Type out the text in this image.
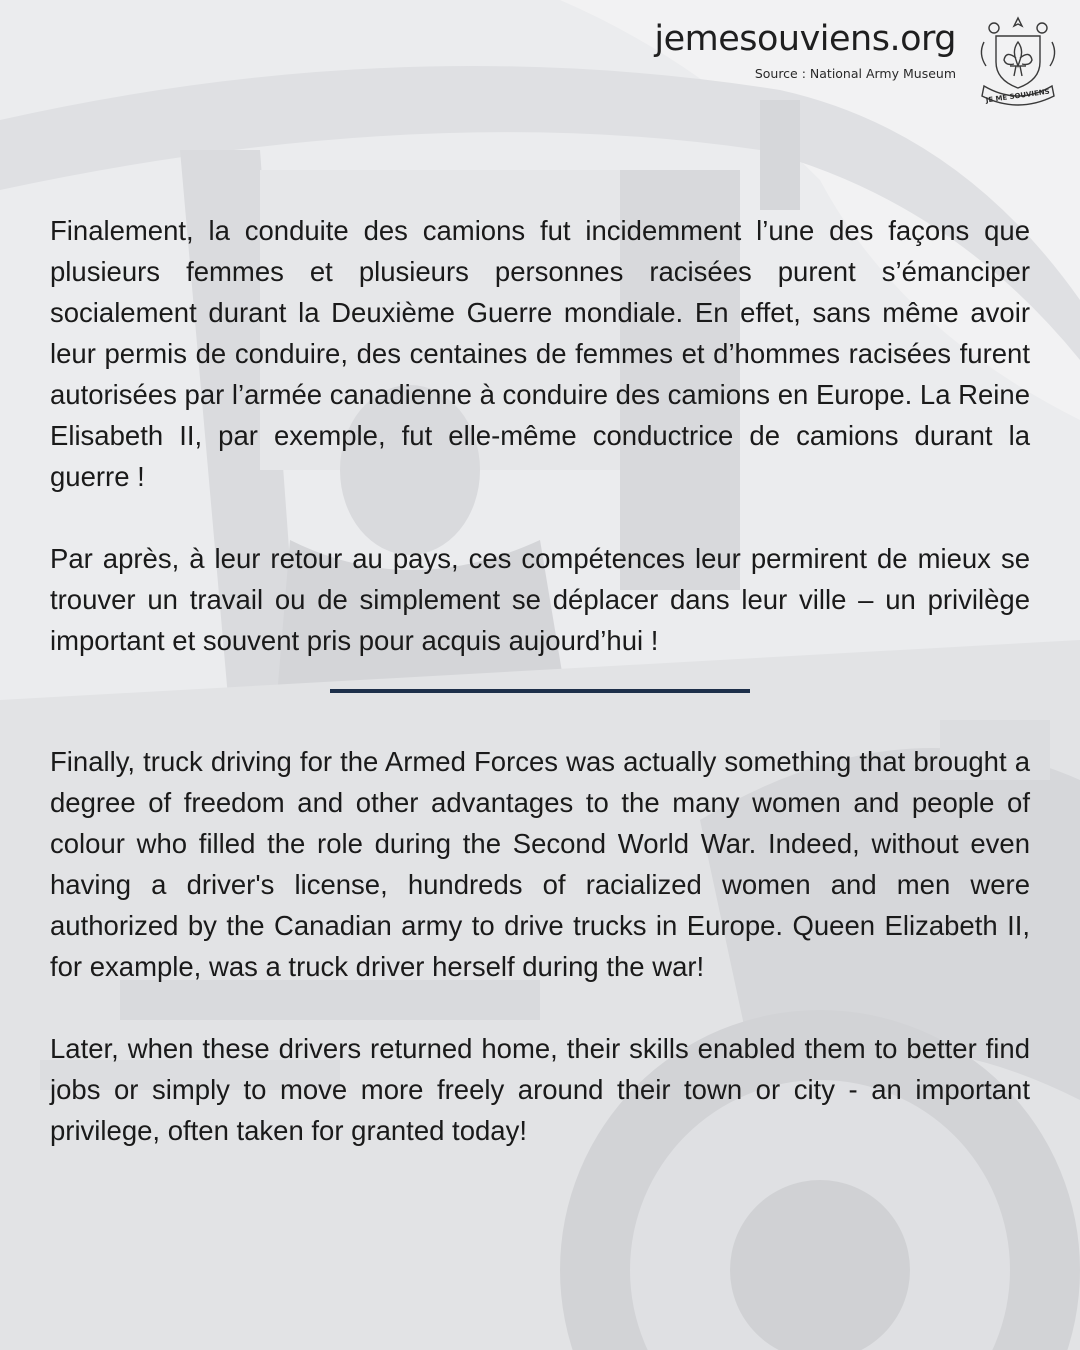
jemesouviens.org
Source : National Army Museum
JE ME SOUVIENS

Finalement, la conduite des camions fut incidemment l’une des façons que plusieurs femmes et plusieurs personnes racisées purent s’émanciper socialement durant la Deuxième Guerre mondiale. En effet, sans même avoir leur permis de conduire, des centaines de femmes et d’hommes racisées furent autorisées par l’armée canadienne à conduire des camions en Europe. La Reine Elisabeth II, par exemple, fut elle-même conductrice de camions durant la guerre !

Par après, à leur retour au pays, ces compétences leur permirent de mieux se trouver un travail ou de simplement se déplacer dans leur ville – un privilège important et souvent pris pour acquis aujourd’hui !

Finally, truck driving for the Armed Forces was actually something that brought a degree of freedom and other advantages to the many women and people of colour who filled the role during the Second World War. Indeed, without even having a driver's license, hundreds of racialized women and men were authorized by the Canadian army to drive trucks in Europe. Queen Elizabeth II, for example, was a truck driver herself during the war!

Later, when these drivers returned home, their skills enabled them to better find jobs or simply to move more freely around their town or city - an important privilege, often taken for granted today!
